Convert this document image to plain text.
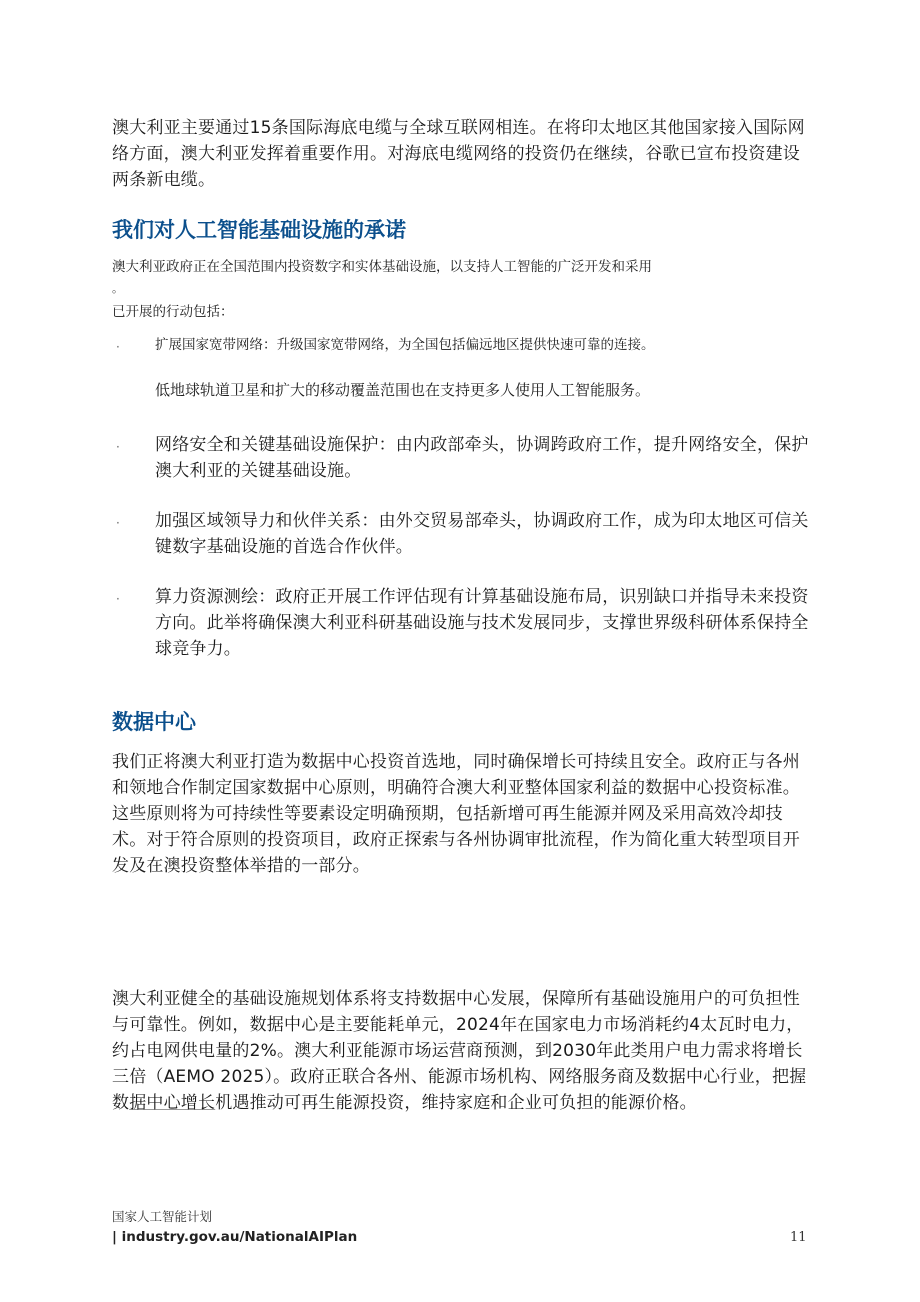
澳大利亚主要通过15条国际海底电缆与全球互联网相连。在将印太地区其他国家接入国际网络方面，澳大利亚发挥着重要作用。对海底电缆网络的投资仍在继续，谷歌已宣布投资建设两条新电缆。
我们对人工智能基础设施的承诺
澳大利亚政府正在全国范围内投资数字和实体基础设施，以支持人工智能的广泛开发和采用
。
已开展的行动包括：
·	扩展国家宽带网络：升级国家宽带网络，为全国包括偏远地区提供快速可靠的连接。
低地球轨道卫星和扩大的移动覆盖范围也在支持更多人使用人工智能服务。
· 网络安全和关键基础设施保护：由内政部牵头，协调跨政府工作，提升网络安全，保护澳大利亚的关键基础设施。
· 加强区域领导力和伙伴关系：由外交贸易部牵头，协调政府工作，成为印太地区可信关键数字基础设施的首选合作伙伴。
· 算力资源测绘：政府正开展工作评估现有计算基础设施布局，识别缺口并指导未来投资方向。此举将确保澳大利亚科研基础设施与技术发展同步，支撑世界级科研体系保持全球竞争力。
数据中心
我们正将澳大利亚打造为数据中心投资首选地，同时确保增长可持续且安全。政府正与各州和领地合作制定国家数据中心原则，明确符合澳大利亚整体国家利益的数据中心投资标准。这些原则将为可持续性等要素设定明确预期，包括新增可再生能源并网及采用高效冷却技术。对于符合原则的投资项目，政府正探索与各州协调审批流程，作为简化重大转型项目开发及在澳投资整体举措的一部分。
澳大利亚健全的基础设施规划体系将支持数据中心发展，保障所有基础设施用户的可负担性与可靠性。例如，数据中心是主要能耗单元，2024年在国家电力市场消耗约4太瓦时电力，约占电网供电量的2%。澳大利亚能源市场运营商预测，到2030年此类用户电力需求将增长三倍（AEMO 2025）。政府正联合各州、能源市场机构、网络服务商及数据中心行业，把握数据中心增长机遇推动可再生能源投资，维持家庭和企业可负担的能源价格。
国家人工智能计划
| industry.gov.au/NationalAIPlan	11
